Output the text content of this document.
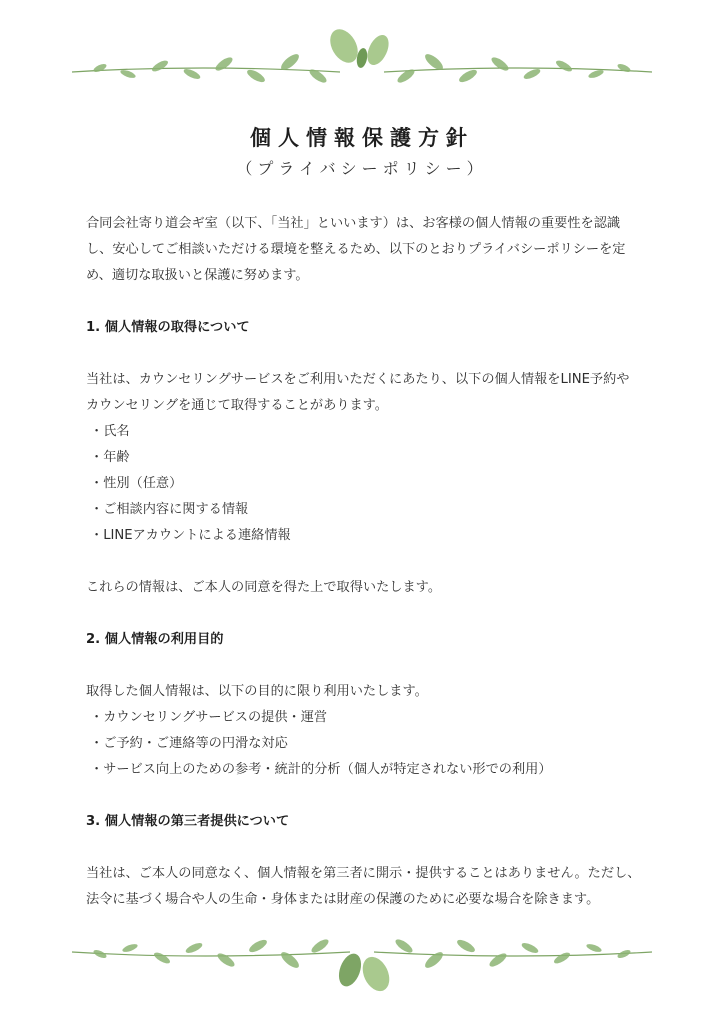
個人情報保護方針
（プライバシーポリシー）

合同会社寄り道会ギ室（以下、「当社」といいます）は、お客様の個人情報の重要性を認識し、安心してご相談いただける環境を整えるため、以下のとおりプライバシーポリシーを定め、適切な取扱いと保護に努めます。

1. 個人情報の取得について

当社は、カウンセリングサービスをご利用いただくにあたり、以下の個人情報をLINE予約やカウンセリングを通じて取得することがあります。

・ 氏名
・ 年齢
・ 性別（任意）
・ ご相談内容に関する情報
・ LINEアカウントによる連絡情報

これらの情報は、ご本人の同意を得た上で取得いたします。

2. 個人情報の利用目的

取得した個人情報は、以下の目的に限り利用いたします。

・ カウンセリングサービスの提供・運営
・ ご予約・ご連絡等の円滑な対応
・ サービス向上のための参考・統計的分析（個人が特定されない形での利用）

3. 個人情報の第三者提供について

当社は、ご本人の同意なく、個人情報を第三者に開示・提供することはありません。ただし、法令に基づく場合や人の生命・身体または財産の保護のために必要な場合を除きます。
